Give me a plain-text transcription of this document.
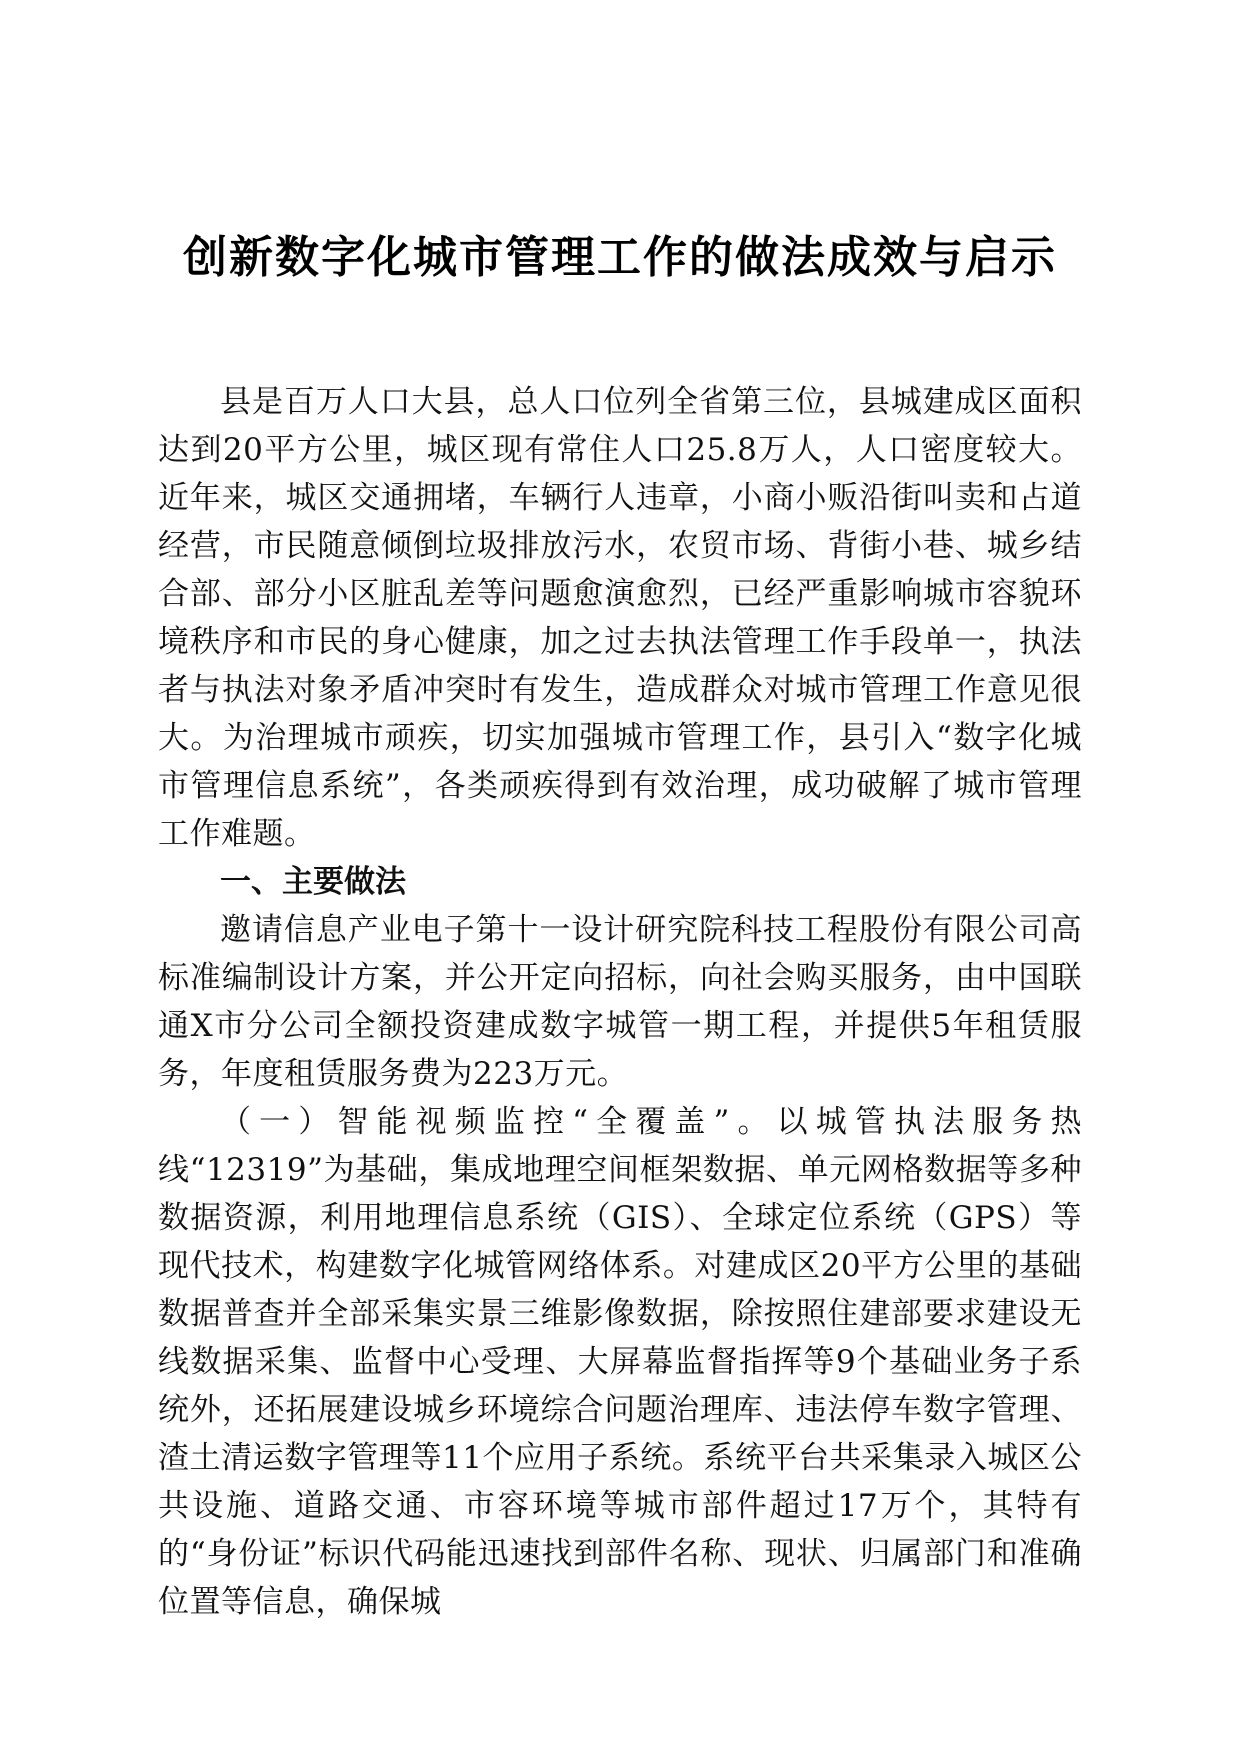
创新数字化城市管理工作的做法成效与启示

县是百万人口大县，总人口位列全省第三位，县城建成区面积达到20平方公里，城区现有常住人口25.8万人，人口密度较大。近年来，城区交通拥堵，车辆行人违章，小商小贩沿街叫卖和占道经营，市民随意倾倒垃圾排放污水，农贸市场、背街小巷、城乡结合部、部分小区脏乱差等问题愈演愈烈，已经严重影响城市容貌环境秩序和市民的身心健康，加之过去执法管理工作手段单一，执法者与执法对象矛盾冲突时有发生，造成群众对城市管理工作意见很大。为治理城市顽疾，切实加强城市管理工作，县引入“数字化城市管理信息系统”，各类顽疾得到有效治理，成功破解了城市管理工作难题。

一、主要做法

邀请信息产业电子第十一设计研究院科技工程股份有限公司高标准编制设计方案，并公开定向招标，向社会购买服务，由中国联通X市分公司全额投资建成数字城管一期工程，并提供5年租赁服务，年度租赁服务费为223万元。

（一）智能视频监控“全覆盖”。以城管执法服务热线“12319”为基础，集成地理空间框架数据、单元网格数据等多种数据资源，利用地理信息系统（GIS）、全球定位系统（GPS）等现代技术，构建数字化城管网络体系。对建成区20平方公里的基础数据普查并全部采集实景三维影像数据，除按照住建部要求建设无线数据采集、监督中心受理、大屏幕监督指挥等9个基础业务子系统外，还拓展建设城乡环境综合问题治理库、违法停车数字管理、渣土清运数字管理等11个应用子系统。系统平台共采集录入城区公共设施、道路交通、市容环境等城市部件超过17万个，其特有的“身份证”标识代码能迅速找到部件名称、现状、归属部门和准确位置等信息，确保城
